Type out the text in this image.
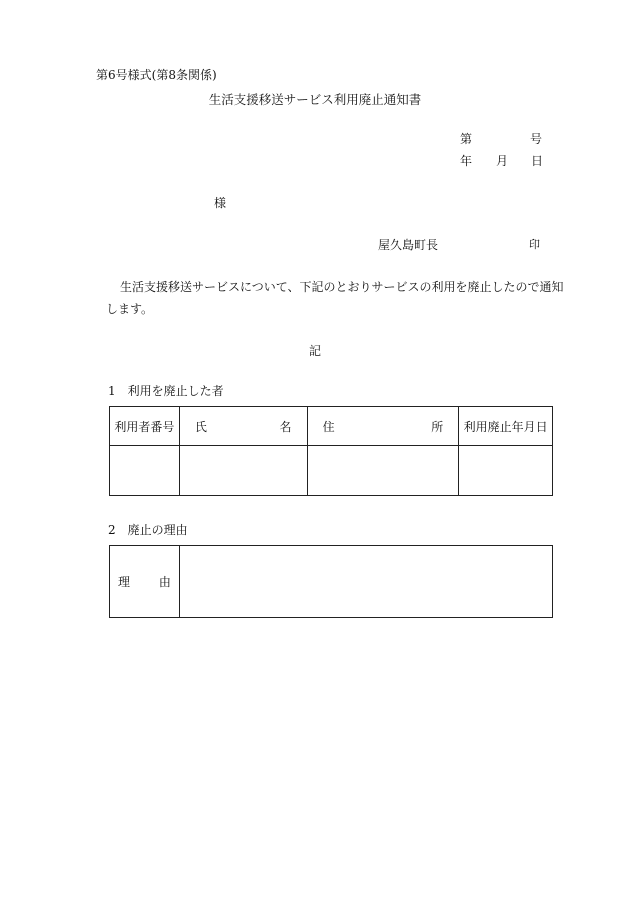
第6号様式(第8条関係)
生活支援移送サービス利用廃止通知書
第	号
年 月 日
様
屋久島町長	印
生活支援移送サービスについて、下記のとおりサービスの利用を廃止したので通知します。
記
1　利用を廃止した者
利用者番号	氏 名	住 所	利用廃止年月日

2　廃止の理由
理 由
